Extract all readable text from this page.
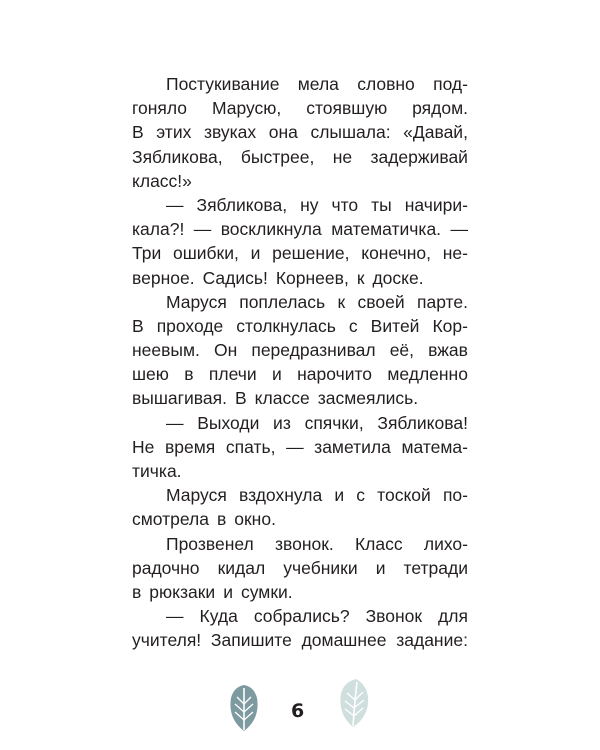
Постукивание мела словно под-
гоняло Марусю, стоявшую рядом.
В этих звуках она слышала: «Давай,
Зябликова, быстрее, не задерживай
класс!»
— Зябликова, ну что ты начири-
кала?! — воскликнула математичка. —
Три ошибки, и решение, конечно, не-
верное. Садись! Корнеев, к доске.
Маруся поплелась к своей парте.
В проходе столкнулась с Витей Кор-
неевым. Он передразнивал её, вжав
шею в плечи и нарочито медленно
вышагивая. В классе засмеялись.
— Выходи из спячки, Зябликова!
Не время спать, — заметила матема-
тичка.
Маруся вздохнула и с тоской по-
смотрела в окно.
Прозвенел звонок. Класс лихо-
радочно кидал учебники и тетради
в рюкзаки и сумки.
— Куда собрались? Звонок для
учителя! Запишите домашнее задание:
6
